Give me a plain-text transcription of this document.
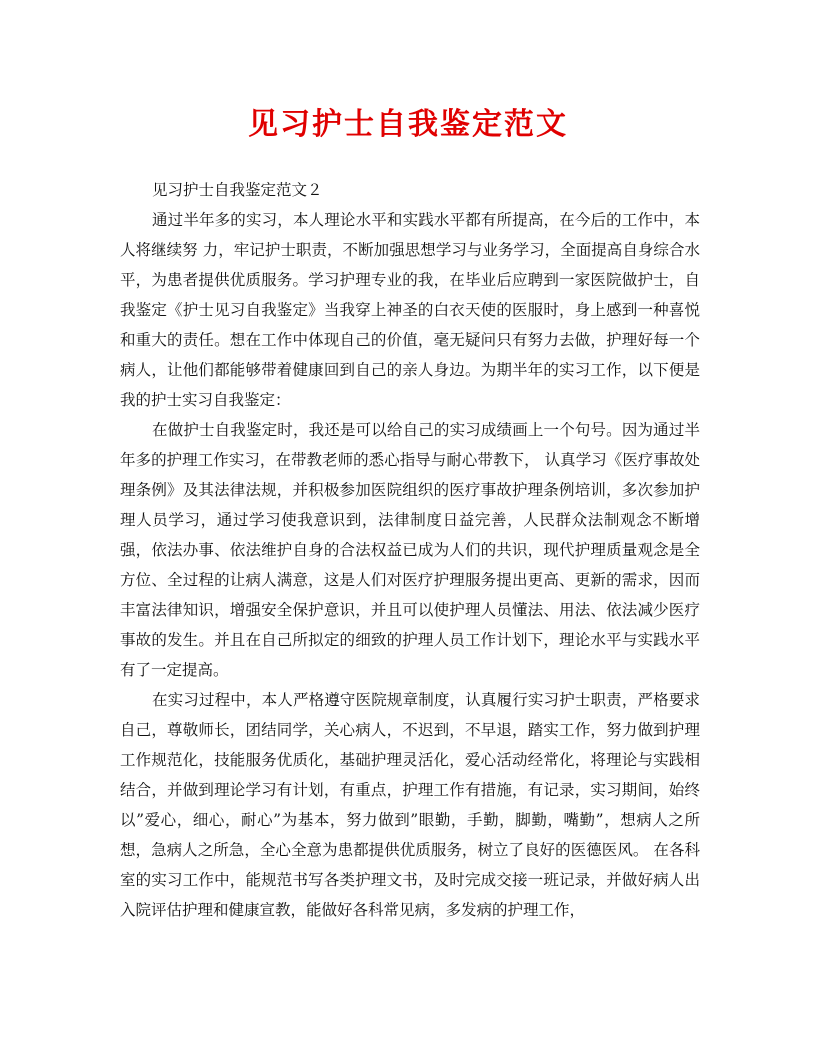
见习护士自我鉴定范文

见习护士自我鉴定范文２

通过半年多的实习，本人理论水平和实践水平都有所提高，在今后的工作中，本人将继续努 力，牢记护士职责，不断加强思想学习与业务学习，全面提高自身综合水平，为患者提供优质服务。学习护理专业的我，在毕业后应聘到一家医院做护士，自我鉴定《护士见习自我鉴定》当我穿上神圣的白衣天使的医服时，身上感到一种喜悦和重大的责任。想在工作中体现自己的价值，毫无疑问只有努力去做，护理好每一个病人，让他们都能够带着健康回到自己的亲人身边。为期半年的实习工作，以下便是我的护士实习自我鉴定：

在做护士自我鉴定时，我还是可以给自己的实习成绩画上一个句号。因为通过半年多的护理工作实习，在带教老师的悉心指导与耐心带教下， 认真学习《医疗事故处理条例》及其法律法规，并积极参加医院组织的医疗事故护理条例培训，多次参加护理人员学习，通过学习使我意识到，法律制度日益完善，人民群众法制观念不断增强，依法办事、依法维护自身的合法权益已成为人们的共识，现代护理质量观念是全方位、全过程的让病人满意，这是人们对医疗护理服务提出更高、更新的需求，因而丰富法律知识，增强安全保护意识，并且可以使护理人员懂法、用法、依法减少医疗事故的发生。并且在自己所拟定的细致的护理人员工作计划下，理论水平与实践水平有了一定提高。

在实习过程中，本人严格遵守医院规章制度，认真履行实习护士职责，严格要求自己，尊敬师长，团结同学，关心病人，不迟到，不早退，踏实工作，努力做到护理工作规范化，技能服务优质化，基础护理灵活化，爱心活动经常化，将理论与实践相结合，并做到理论学习有计划，有重点，护理工作有措施，有记录，实习期间，始终以”爱心，细心，耐心”为基本，努力做到”眼勤，手勤，脚勤，嘴勤”，想病人之所想，急病人之所急，全心全意为患都提供优质服务，树立了良好的医德医风。 在各科室的实习工作中，能规范书写各类护理文书，及时完成交接一班记录，并做好病人出入院评估护理和健康宣教，能做好各科常见病，多发病的护理工作，
